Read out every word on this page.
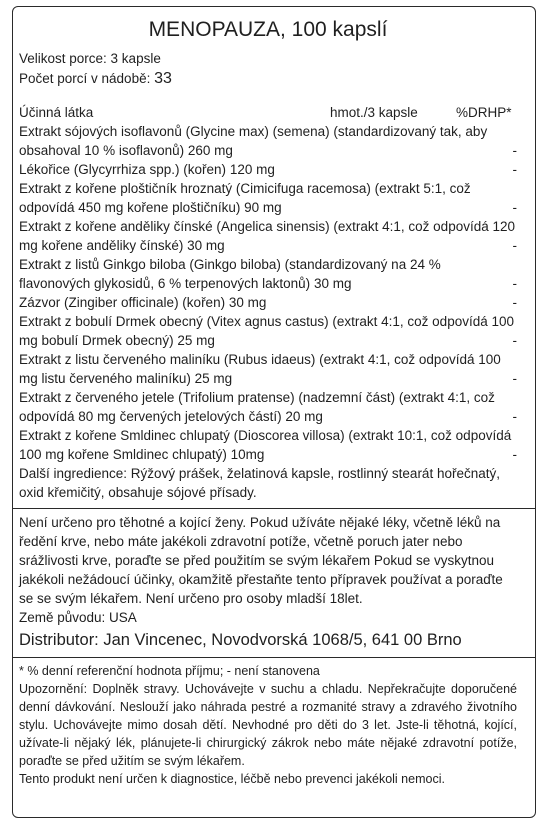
MENOPAUZA, 100 kapslí
Velikost porce: 3 kapsle
Počet porcí v nádobě: 33
Účinná látka	hmot./3 kapsle	%DRHP*
Extrakt sójových isoflavonů (Glycine max) (semena) (standardizovaný tak, aby obsahoval 10 % isoflavonů) 260 mg	-
Lékořice (Glycyrrhiza spp.) (kořen) 120 mg	-
Extrakt z kořene ploštičník hroznatý (Cimicifuga racemosa) (extrakt 5:1, což odpovídá 450 mg kořene ploštičníku) 90 mg	-
Extrakt z kořene anděliky čínské (Angelica sinensis) (extrakt 4:1, což odpovídá 120 mg kořene anděliky čínské) 30 mg	-
Extrakt z listů Ginkgo biloba (Ginkgo biloba) (standardizovaný na 24 % flavonových glykosidů, 6 % terpenových laktonů) 30 mg	-
Zázvor (Zingiber officinale) (kořen) 30 mg	-
Extrakt z bobulí Drmek obecný (Vitex agnus castus) (extrakt 4:1, což odpovídá 100 mg bobulí Drmek obecný) 25 mg	-
Extrakt z listu červeného maliníku (Rubus idaeus) (extrakt 4:1, což odpovídá 100 mg listu červeného maliníku) 25 mg	-
Extrakt z červeného jetele (Trifolium pratense) (nadzemní část) (extrakt 4:1, což odpovídá 80 mg červených jetelových částí) 20 mg	-
Extrakt z kořene Smldinec chlupatý (Dioscorea villosa) (extrakt 10:1, což odpovídá 100 mg kořene Smldinec chlupatý) 10mg	-
Další ingredience: Rýžový prášek, želatinová kapsle, rostlinný stearát hořečnatý, oxid křemičitý, obsahuje sójové přísady.
Není určeno pro těhotné a kojící ženy. Pokud užíváte nějaké léky, včetně léků na ředění krve, nebo máte jakékoli zdravotní potíže, včetně poruch jater nebo srážlivosti krve, poraďte se před použitím se svým lékařem Pokud se vyskytnou jakékoli nežádoucí účinky, okamžitě přestaňte tento přípravek používat a poraďte se se svým lékařem. Není určeno pro osoby mladší 18let.
Země původu: USA
Distributor: Jan Vincenec, Novodvorská 1068/5, 641 00 Brno
* % denní referenční hodnota příjmu; - není stanovena
Upozornění: Doplněk stravy. Uchovávejte v suchu a chladu. Nepřekračujte doporučené denní dávkování. Neslouží jako náhrada pestré a rozmanité stravy a zdravého životního stylu. Uchovávejte mimo dosah dětí. Nevhodné pro děti do 3 let. Jste-li těhotná, kojící, užívate-li nějaký lék, plánujete-li chirurgický zákrok nebo máte nějaké zdravotní potíže, poraďte se před užitím se svým lékařem.
Tento produkt není určen k diagnostice, léčbě nebo prevenci jakékoli nemoci.
